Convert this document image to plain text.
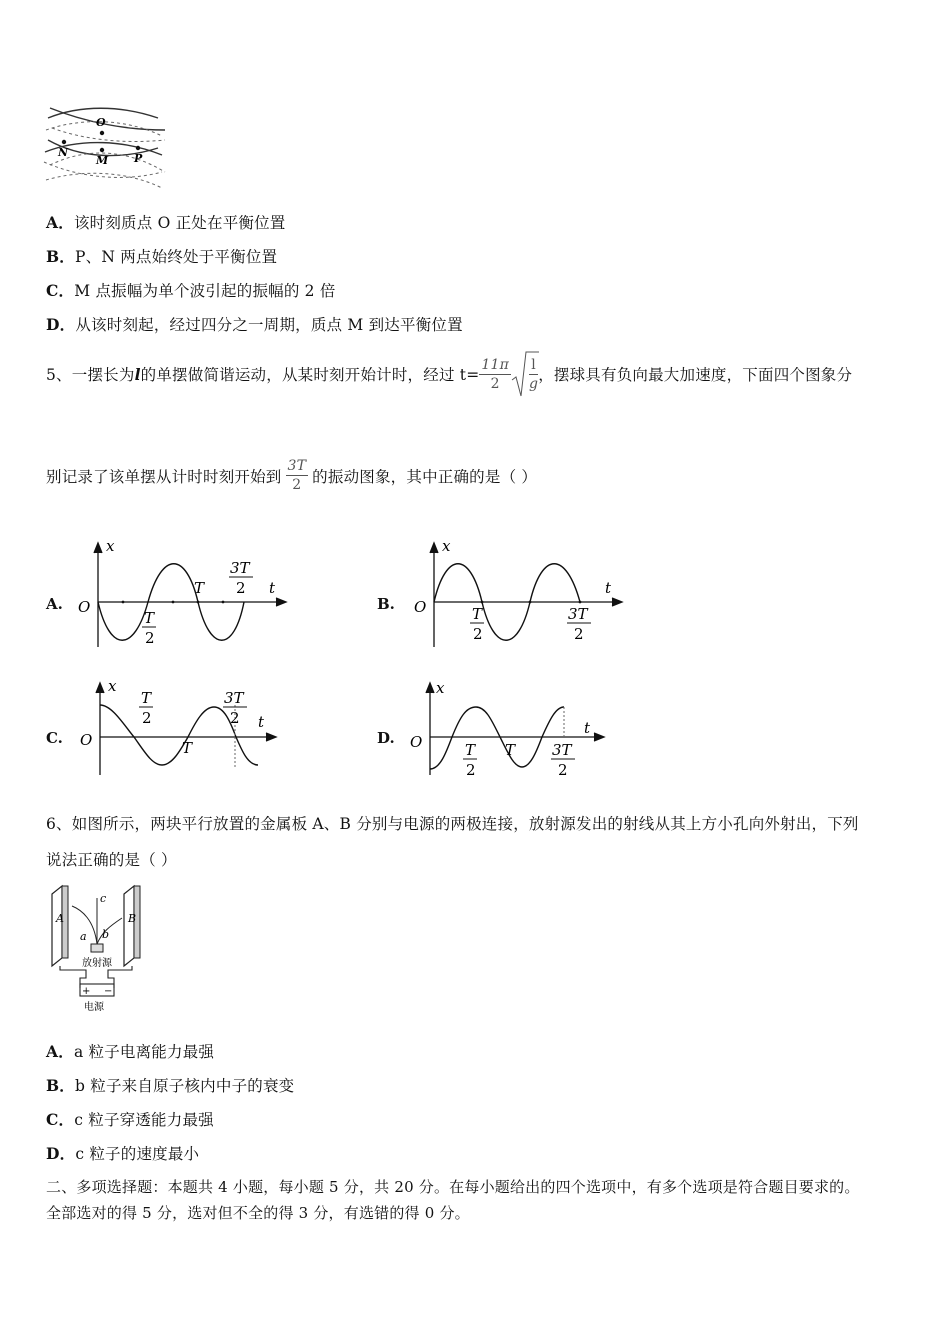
O
N
M P
A．该时刻质点 O 正处在平衡位置
B．P、N 两点始终处于平衡位置
C．M 点振幅为单个波引起的振幅的 2 倍
D．从该时刻起，经过四分之一周期，质点 M 到达平衡位置
5、一摆长为l的单摆做简谐运动，从某时刻开始计时，经过 $t= \frac{11\pi}{2} \frac{l}{g}$ ，摆球具有负向最大加速度，下面四个图象分
别记录了该单摆从计时时刻开始到 $\frac{3T}{2}$ 的振动图象，其中正确的是（ ）
A.
x
t
O
T
T
2
3T
2
B.
x
t
O	T
2
3T
2
C.
x
t
O	T
T
2
3T
2
D.
x
t
O	T
T
2
3T
2
6、如图所示，两块平行放置的金属板 A、B 分别与电源的两极连接，放射源发出的射线从其上方小孔向外射出，下列
说法正确的是（ ）
A	B
a b
c
放射源
+ −
电源
A．a 粒子电离能力最强
B．b 粒子来自原子核内中子的衰变
C．c 粒子穿透能力最强
D．c 粒子的速度最小
二、多项选择题：本题共 4 小题，每小题 5 分，共 20 分。在每小题给出的四个选项中，有多个选项是符合题目要求的。
全部选对的得 5 分，选对但不全的得 3 分，有选错的得 0 分。
